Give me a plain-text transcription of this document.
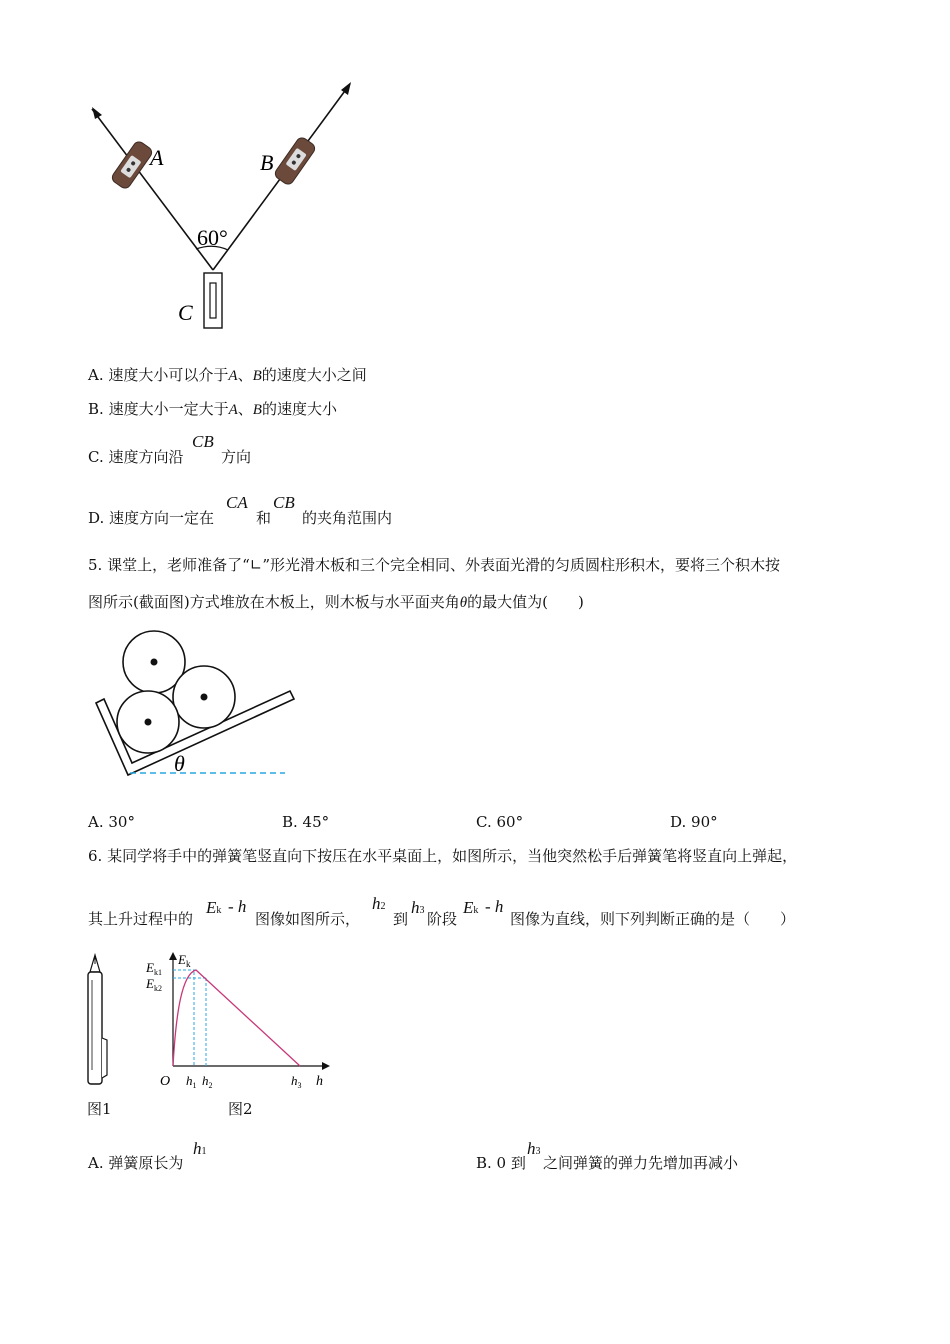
A	B
C
60°
A. 速度大小可以介于A、B的速度大小之间
B. 速度大小一定大于A、B的速度大小
C. 速度方向沿
CB
方向
D. 速度方向一定在
CA
和
CB
的夹角范围内
5. 课堂上，老师准备了“∟”形光滑木板和三个完全相同、外表面光滑的匀质圆柱形积木，要将三个积木按
图所示(截面图)方式堆放在木板上，则木板与水平面夹角θ的最大值为(　　)
θ
A. 30°	B. 45°	C. 60°	D. 90°
6. 某同学将手中的弹簧笔竖直向下按压在水平桌面上，如图所示，当他突然松手后弹簧笔将竖直向上弹起，
其上升过程中的
Ek - h
图像如图所示，
h2
到
h3 阶段
Ek - h
图像为直线，则下列判断正确的是（　　）
图1
$E_k$
$E_{k1}$
$E_{k2}$
O $h_1$ $h_2$	$h_3$ h
图2
A. 弹簧原长为
h1
B. 0 到
h3
之间弹簧的弹力先增加再减小
